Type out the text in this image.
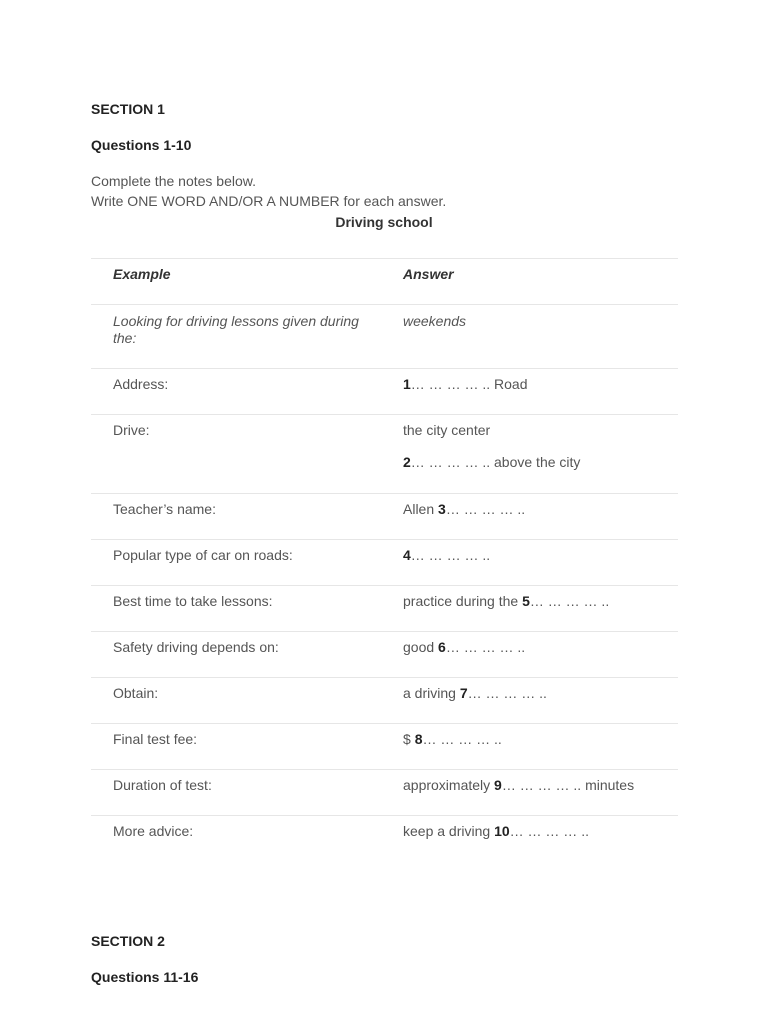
SECTION 1
Questions 1-10
Complete the notes below.
Write ONE WORD AND/OR A NUMBER for each answer.
Driving school
Example	Answer

Looking for driving lessons given during the:	weekends

Address:	1… … … … .. Road

Drive:	the city center
2… … … … .. above the city

Teacher’s name:	Allen 3… … … … ..

Popular type of car on roads:	4… … … … ..

Best time to take lessons:	practice during the 5… … … … ..

Safety driving depends on:	good 6… … … … ..

Obtain:	a driving 7… … … … ..

Final test fee:	$ 8… … … … ..

Duration of test:	approximately 9… … … … .. minutes

More advice:	keep a driving 10… … … … ..
SECTION 2
Questions 11-16
